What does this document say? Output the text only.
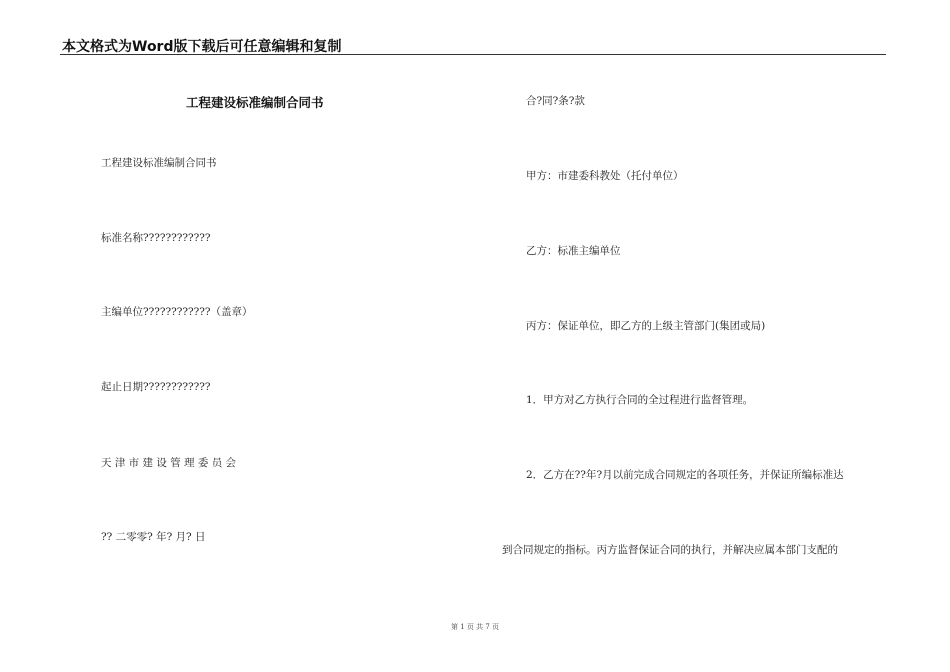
本文格式为Word版下载后可任意编辑和复制
工程建设标准编制合同书
工程建设标准编制合同书
标准名称????????????
主编单位????????????（盖章）
起止日期????????????
天 津 市 建 设 管 理 委 员 会
?? 二零零? 年? 月? 日
合?同?条?款
甲方：市建委科教处（托付单位）
乙方：标准主编单位
丙方：保证单位，即乙方的上级主管部门(集团或局)
1．甲方对乙方执行合同的全过程进行监督管理。
2．乙方在??年?月以前完成合同规定的各项任务，并保证所编标准达
到合同规定的指标。丙方监督保证合同的执行，并解决应属本部门支配的
第 1 页 共 7 页
